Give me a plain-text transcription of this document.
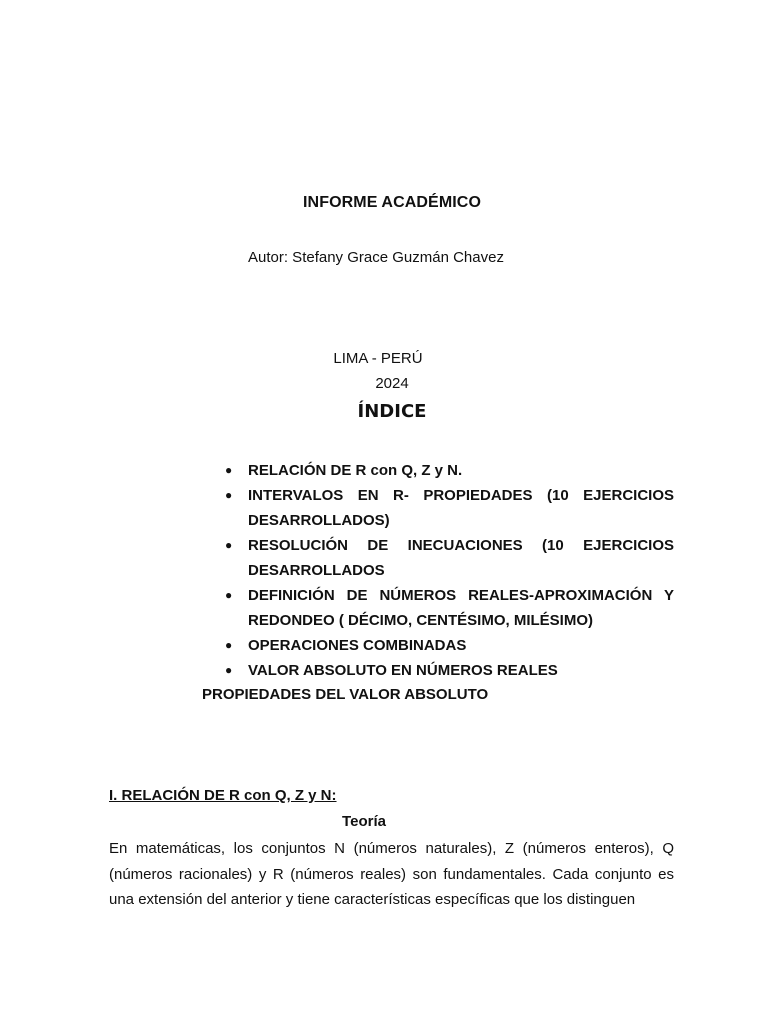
INFORME ACADÉMICO
Autor: Stefany Grace Guzmán Chavez
LIMA - PERÚ
2024
ÍNDICE
● RELACIÓN DE R con Q, Z y N.
● INTERVALOS EN R- PROPIEDADES (10 EJERCICIOS DESARROLLADOS)
● RESOLUCIÓN DE INECUACIONES (10 EJERCICIOS DESARROLLADOS
● DEFINICIÓN DE NÚMEROS REALES-APROXIMACIÓN Y REDONDEO ( DÉCIMO, CENTÉSIMO, MILÉSIMO)
● OPERACIONES COMBINADAS
● VALOR ABSOLUTO EN NÚMEROS REALES
PROPIEDADES DEL VALOR ABSOLUTO
I. RELACIÓN DE R con Q, Z y N:
Teoría

En matemáticas, los conjuntos N (números naturales), Z (números enteros), Q (números racionales) y R (números reales) son fundamentales. Cada conjunto es una extensión del anterior y tiene características específicas que los distinguen
